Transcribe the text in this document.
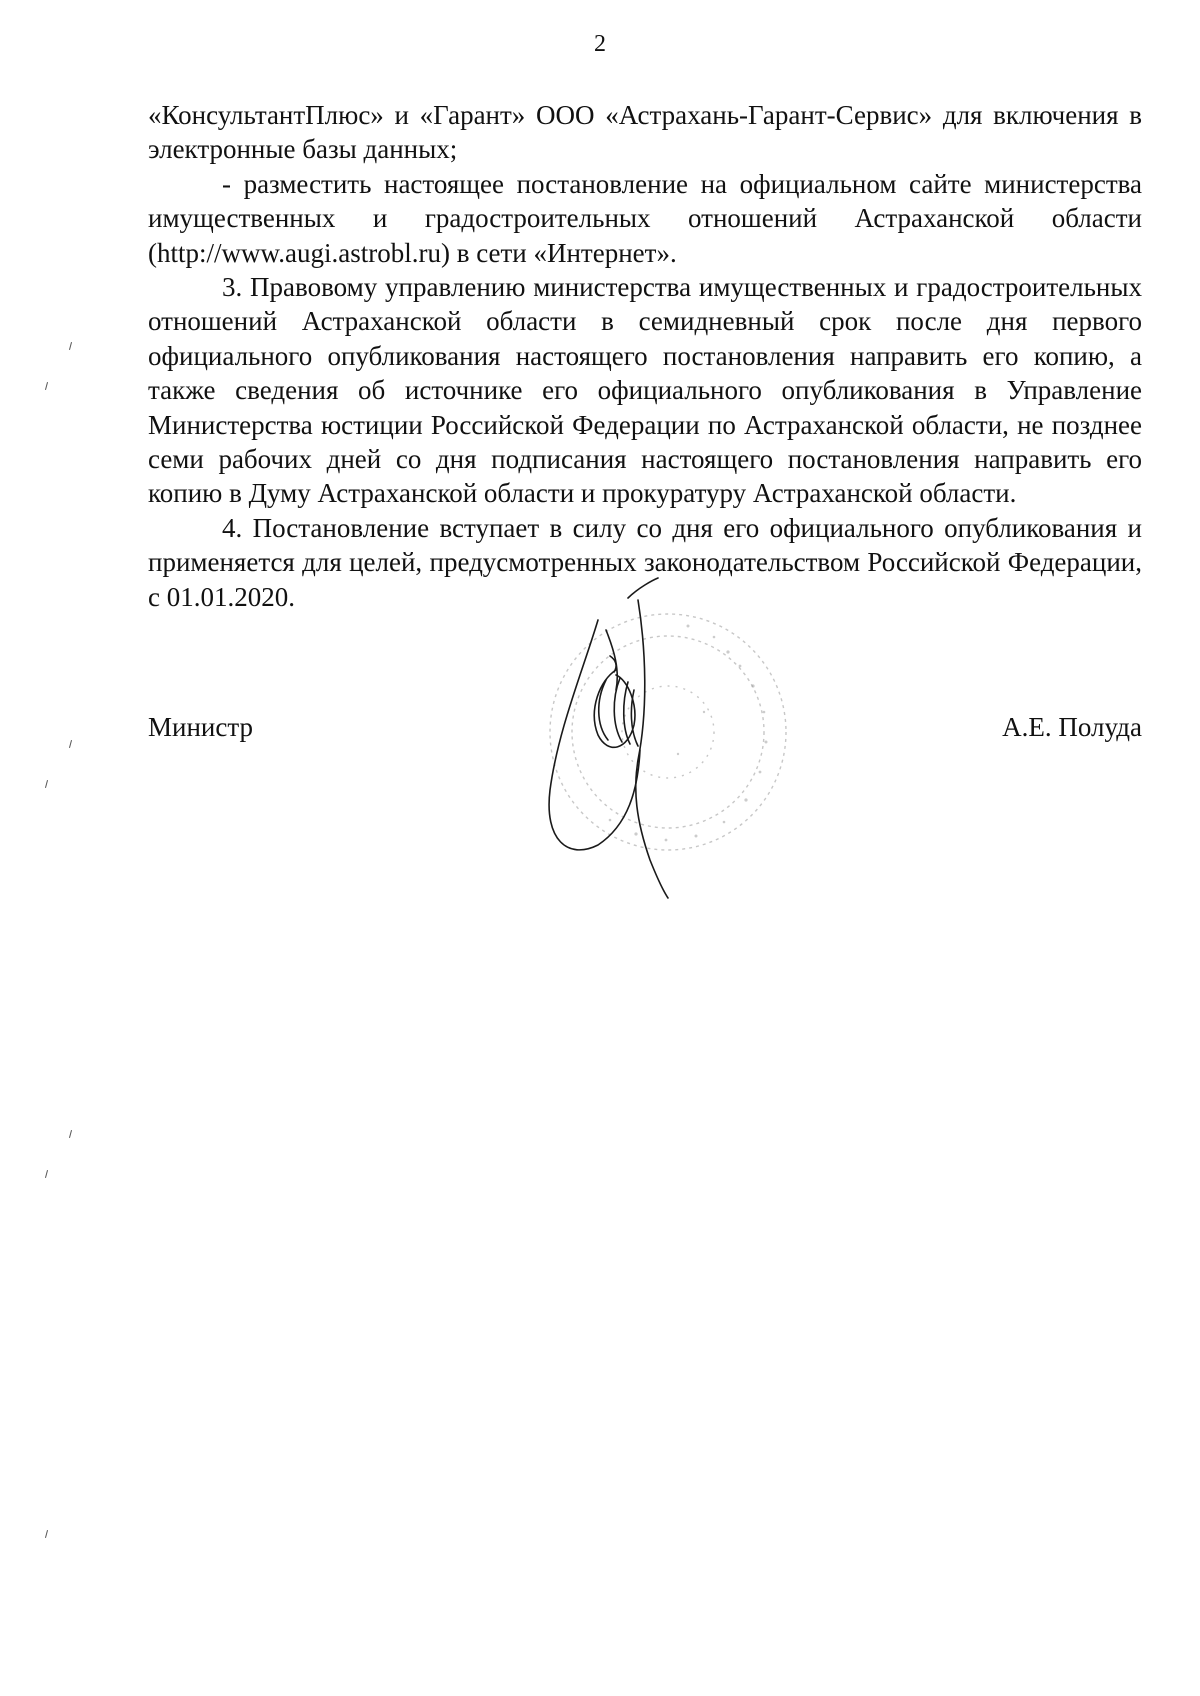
2

«КонсультантПлюс» и «Гарант» ООО «Астрахань-Гарант-Сервис» для включения в электронные базы данных;

- разместить настоящее постановление на официальном сайте министерства имущественных и градостроительных отношений Астраханской области (http://www.augi.astrobl.ru) в сети «Интернет».

3. Правовому управлению министерства имущественных и градостроительных отношений Астраханской области в семидневный срок после дня первого официального опубликования настоящего постановления направить его копию, а также сведения об источнике его официального опубликования в Управление Министерства юстиции Российской Федерации по Астраханской области, не позднее семи рабочих дней со дня подписания настоящего постановления направить его копию в Думу Астраханской области и прокуратуру Астраханской области.

4. Постановление вступает в силу со дня его официального опубликования и применяется для целей, предусмотренных законодательством Российской Федерации, с 01.01.2020.

Министр	А.Е. Полуда
